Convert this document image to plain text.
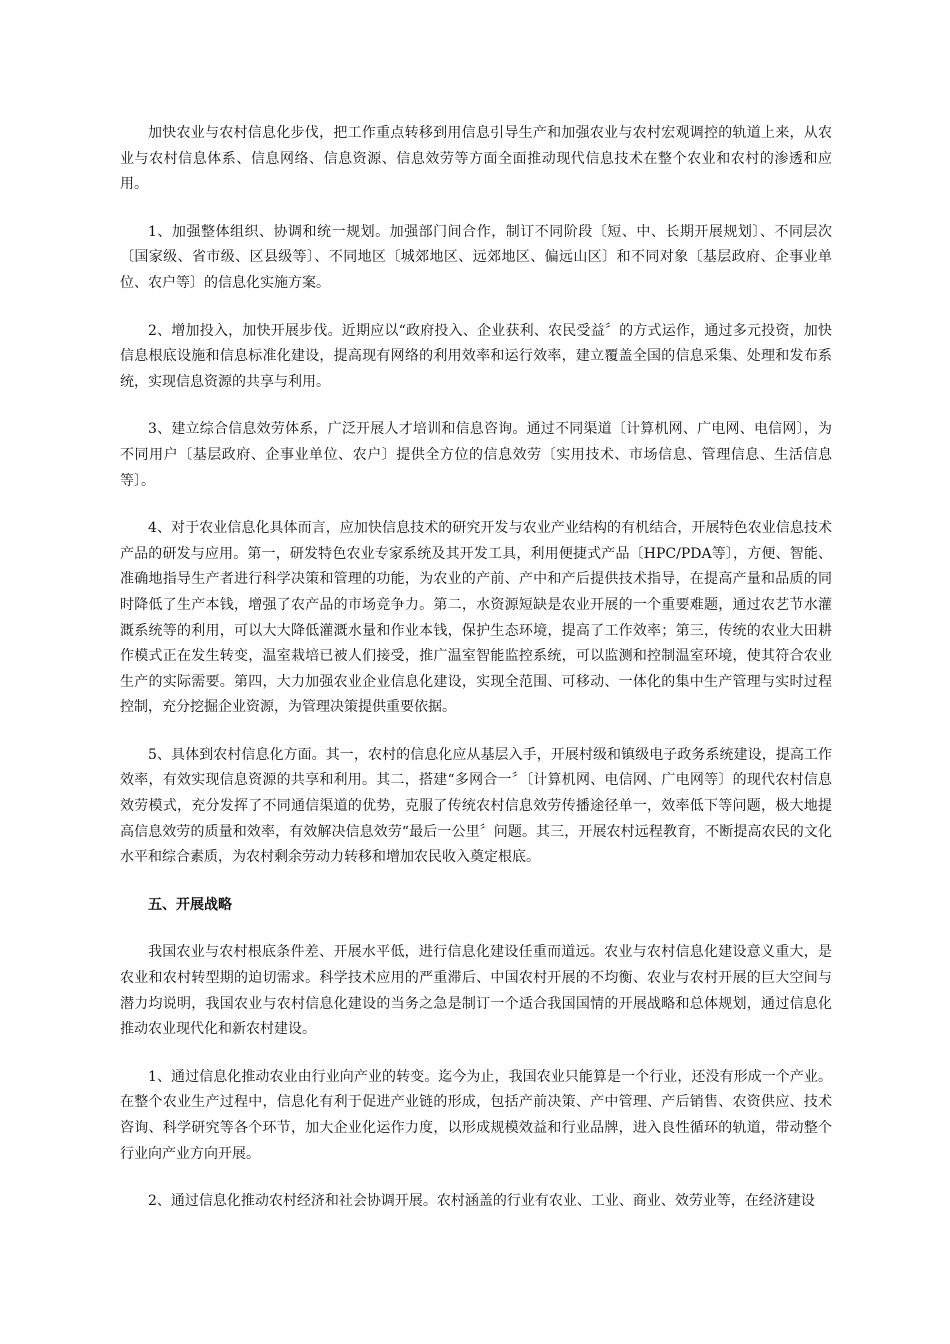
加快农业与农村信息化步伐，把工作重点转移到用信息引导生产和加强农业与农村宏观调控的轨道上来，从农业与农村信息体系、信息网络、信息资源、信息效劳等方面全面推动现代信息技术在整个农业和农村的渗透和应用。

1、加强整体组织、协调和统一规划。加强部门间合作，制订不同阶段〔短、中、长期开展规划〕、不同层次〔国家级、省市级、区县级等〕、不同地区〔城郊地区、远郊地区、偏远山区〕和不同对象〔基层政府、企事业单位、农户等〕的信息化实施方案。

2、增加投入，加快开展步伐。近期应以“政府投入、企业获利、农民受益〞的方式运作，通过多元投资，加快信息根底设施和信息标准化建设，提高现有网络的利用效率和运行效率，建立覆盖全国的信息采集、处理和发布系统，实现信息资源的共享与利用。

3、建立综合信息效劳体系，广泛开展人才培训和信息咨询。通过不同渠道〔计算机网、广电网、电信网〕，为不同用户〔基层政府、企事业单位、农户〕提供全方位的信息效劳〔实用技术、市场信息、管理信息、生活信息等〕。

4、对于农业信息化具体而言，应加快信息技术的研究开发与农业产业结构的有机结合，开展特色农业信息技术产品的研发与应用。第一，研发特色农业专家系统及其开发工具，利用便捷式产品〔HPC/PDA等〕，方便、智能、准确地指导生产者进行科学决策和管理的功能，为农业的产前、产中和产后提供技术指导，在提高产量和品质的同时降低了生产本钱，增强了农产品的市场竞争力。第二，水资源短缺是农业开展的一个重要难题，通过农艺节水灌溉系统等的利用，可以大大降低灌溉水量和作业本钱，保护生态环境，提高了工作效率；第三，传统的农业大田耕作模式正在发生转变，温室栽培已被人们接受，推广温室智能监控系统，可以监测和控制温室环境，使其符合农业生产的实际需要。第四，大力加强农业企业信息化建设，实现全范围、可移动、一体化的集中生产管理与实时过程控制，充分挖掘企业资源，为管理决策提供重要依据。

5、具体到农村信息化方面。其一，农村的信息化应从基层入手，开展村级和镇级电子政务系统建设，提高工作效率，有效实现信息资源的共享和利用。其二，搭建“多网合一〞〔计算机网、电信网、广电网等〕的现代农村信息效劳模式，充分发挥了不同通信渠道的优势，克服了传统农村信息效劳传播途径单一，效率低下等问题，极大地提高信息效劳的质量和效率，有效解决信息效劳“最后一公里〞问题。其三，开展农村远程教育，不断提高农民的文化水平和综合素质，为农村剩余劳动力转移和增加农民收入奠定根底。

五、开展战略

我国农业与农村根底条件差、开展水平低，进行信息化建设任重而道远。农业与农村信息化建设意义重大，是农业和农村转型期的迫切需求。科学技术应用的严重滞后、中国农村开展的不均衡、农业与农村开展的巨大空间与潜力均说明，我国农业与农村信息化建设的当务之急是制订一个适合我国国情的开展战略和总体规划，通过信息化推动农业现代化和新农村建设。

1、通过信息化推动农业由行业向产业的转变。迄今为止，我国农业只能算是一个行业，还没有形成一个产业。在整个农业生产过程中，信息化有利于促进产业链的形成，包括产前决策、产中管理、产后销售、农资供应、技术咨询、科学研究等各个环节，加大企业化运作力度，以形成规模效益和行业品牌，进入良性循环的轨道，带动整个行业向产业方向开展。

2、通过信息化推动农村经济和社会协调开展。农村涵盖的行业有农业、工业、商业、效劳业等，在经济建设
